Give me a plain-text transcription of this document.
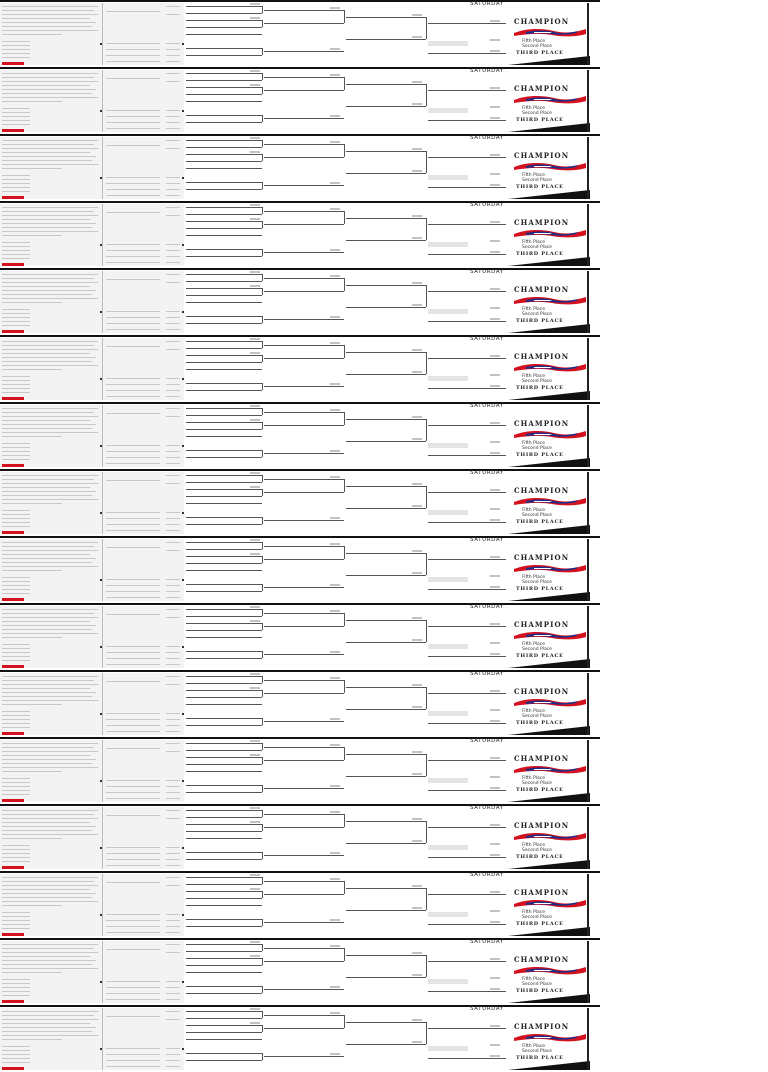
SATURDAY
CHAMPION
Fifth Place
Second Place
THIRD PLACE
SATURDAY
CHAMPION
Fifth Place
Second Place
THIRD PLACE
SATURDAY
CHAMPION
Fifth Place
Second Place
THIRD PLACE
SATURDAY
CHAMPION
Fifth Place
Second Place
THIRD PLACE
SATURDAY
CHAMPION
Fifth Place
Second Place
THIRD PLACE
SATURDAY
CHAMPION
Fifth Place
Second Place
THIRD PLACE
SATURDAY
CHAMPION
Fifth Place
Second Place
THIRD PLACE
SATURDAY
CHAMPION
Fifth Place
Second Place
THIRD PLACE
SATURDAY
CHAMPION
Fifth Place
Second Place
THIRD PLACE
SATURDAY
CHAMPION
Fifth Place
Second Place
THIRD PLACE
SATURDAY
CHAMPION
Fifth Place
Second Place
THIRD PLACE
SATURDAY
CHAMPION
Fifth Place
Second Place
THIRD PLACE
SATURDAY
CHAMPION
Fifth Place
Second Place
THIRD PLACE
SATURDAY
CHAMPION
Fifth Place
Second Place
THIRD PLACE
SATURDAY
CHAMPION
Fifth Place
Second Place
THIRD PLACE
SATURDAY
CHAMPION
Fifth Place
Second Place
THIRD PLACE
